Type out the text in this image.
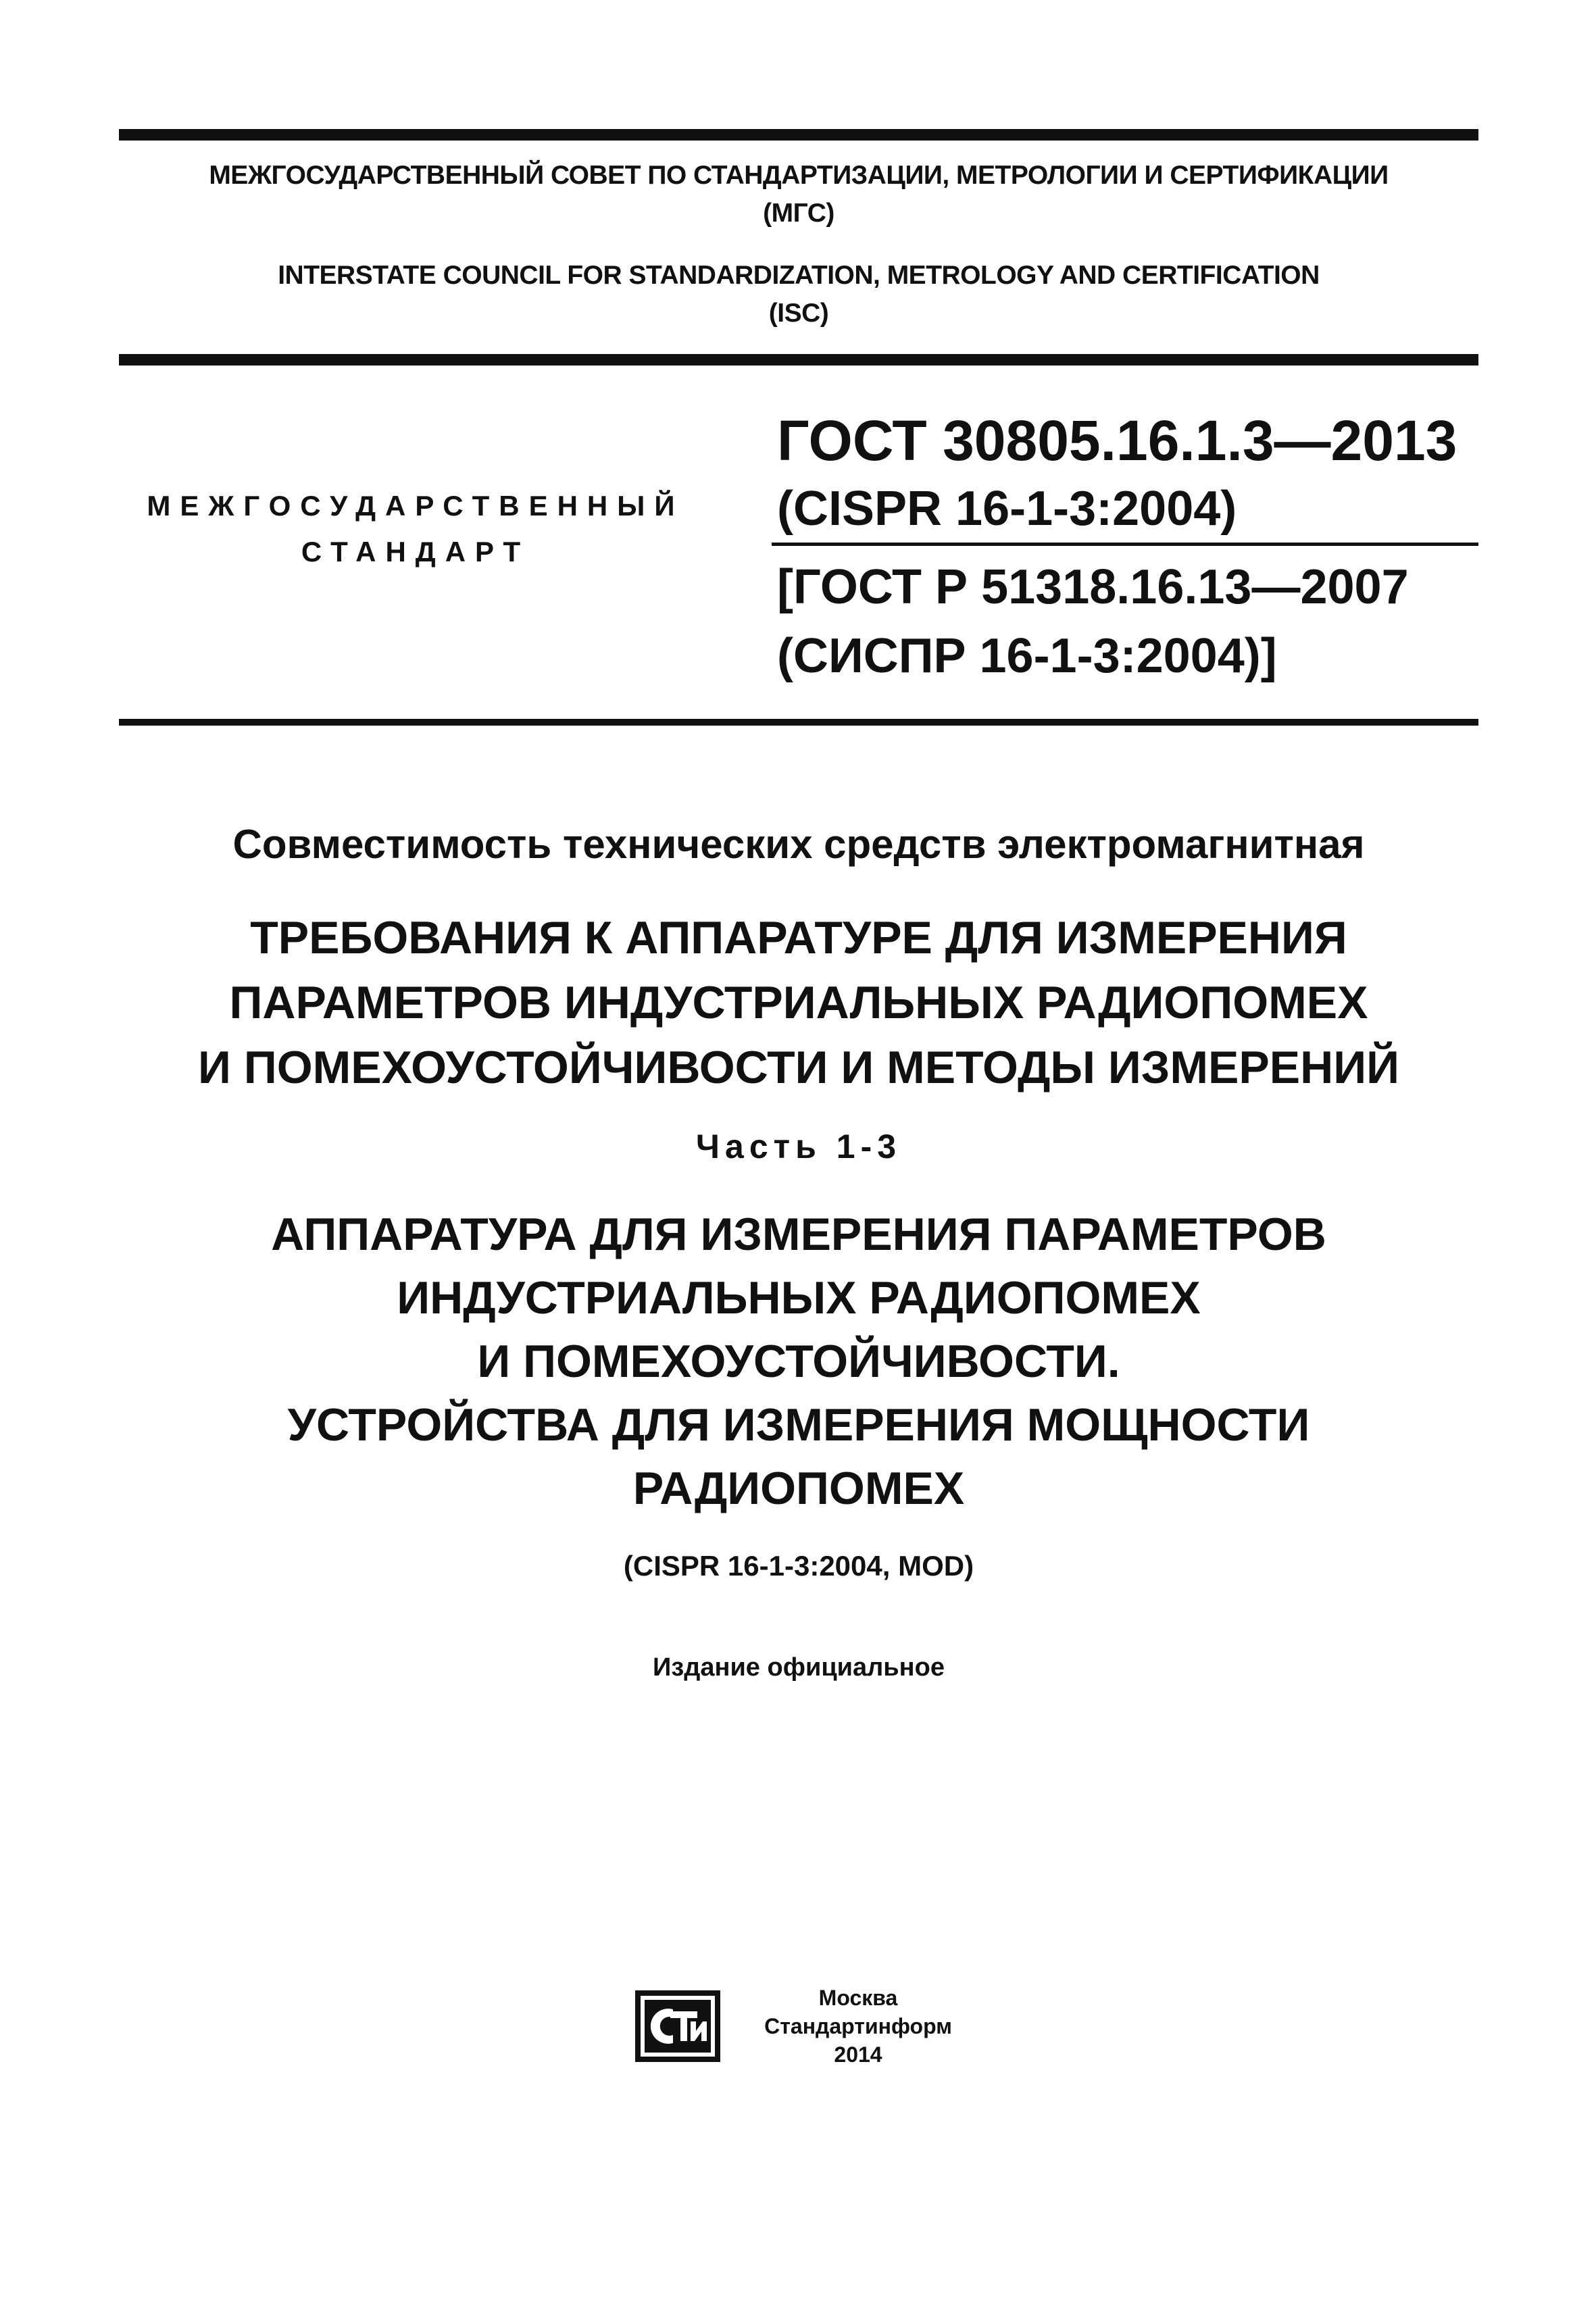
МЕЖГОСУДАРСТВЕННЫЙ СОВЕТ ПО СТАНДАРТИЗАЦИИ, МЕТРОЛОГИИ И СЕРТИФИКАЦИИ
(МГС)
INTERSTATE COUNCIL FOR STANDARDIZATION, METROLOGY AND CERTIFICATION
(ISC)
МЕЖГОСУДАРСТВЕННЫЙ
СТАНДАРТ
ГОСТ 30805.16.1.3—2013
(CISPR 16-1-3:2004)
[ГОСТ Р 51318.16.13—2007
(СИСПР 16-1-3:2004)]
Совместимость технических средств электромагнитная
ТРЕБОВАНИЯ К АППАРАТУРЕ ДЛЯ ИЗМЕРЕНИЯ
ПАРАМЕТРОВ ИНДУСТРИАЛЬНЫХ РАДИОПОМЕХ
И ПОМЕХОУСТОЙЧИВОСТИ И МЕТОДЫ ИЗМЕРЕНИЙ
Часть 1-3
АППАРАТУРА ДЛЯ ИЗМЕРЕНИЯ ПАРАМЕТРОВ
ИНДУСТРИАЛЬНЫХ РАДИОПОМЕХ
И ПОМЕХОУСТОЙЧИВОСТИ.
УСТРОЙСТВА ДЛЯ ИЗМЕРЕНИЯ МОЩНОСТИ
РАДИОПОМЕХ
(CISPR 16-1-3:2004, MOD)
Издание официальное
Москва
Стандартинформ
2014
